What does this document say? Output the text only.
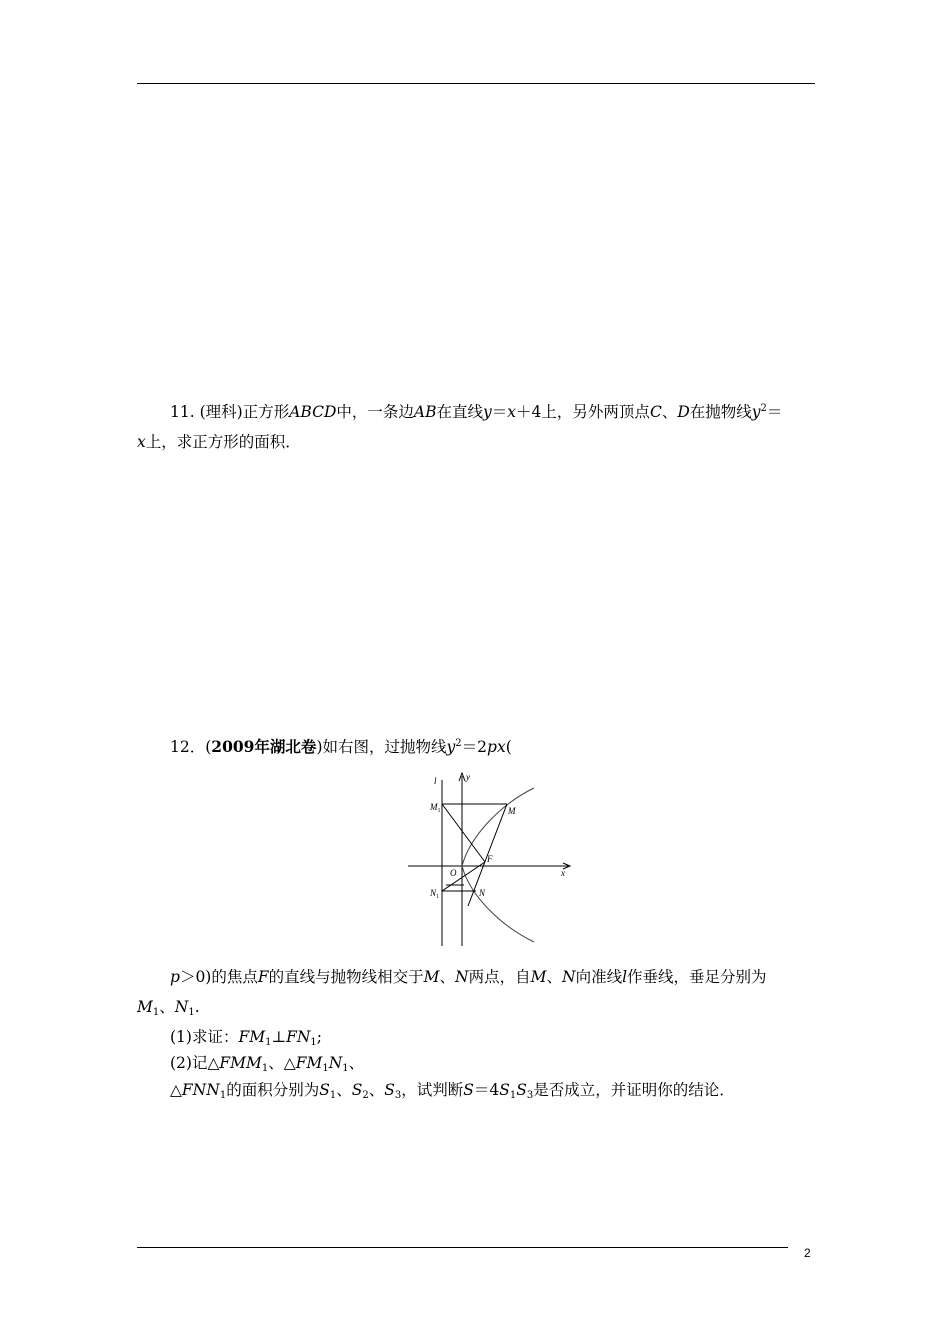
11. (理科)正方形ABCD中，一条边AB在直线y＝x＋4上，另外两顶点C、D在抛物线$y^2=$
x上，求正方形的面积．
12．(2009年湖北卷)如右图，过抛物线$y^2=2px$(
l	y
x
O
F
M
N
$M_1$
$N_1$
p＞0)的焦点F的直线与抛物线相交于M、N两点，自M、N向准线l作垂线，垂足分别为
$M_1$、$N_1$.
(1)求证：$FM_1\perp FN_1$;
(2)记$\triangle FMM_1$、$\triangle FM_1N_1$、
$\triangle FNN_1$的面积分别为$S_1$、$S_2$、$S_3$，试判断$S=4S_1S_3$是否成立，并证明你的结论．
2
